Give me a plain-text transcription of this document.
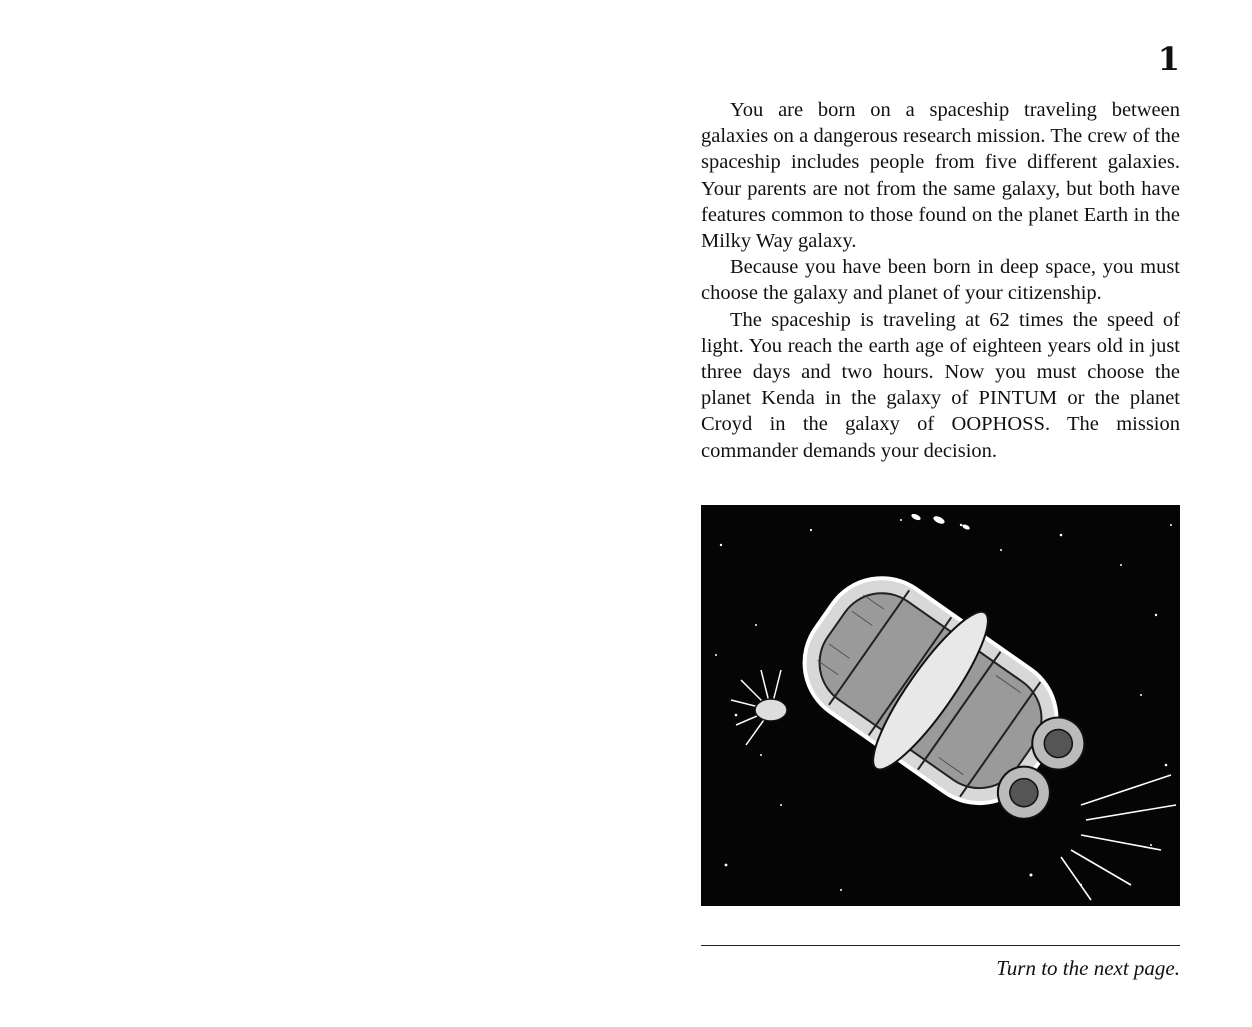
1

You are born on a spaceship traveling between galaxies on a dangerous research mission. The crew of the spaceship includes people from five different galaxies. Your parents are not from the same galaxy, but both have features common to those found on the planet Earth in the Milky Way galaxy.

Because you have been born in deep space, you must choose the galaxy and planet of your citizenship.

The spaceship is traveling at 62 times the speed of light. You reach the earth age of eighteen years old in just three days and two hours. Now you must choose the planet Kenda in the galaxy of PINTUM or the planet Croyd in the galaxy of OOPHOSS. The mission commander demands your decision.

Turn to the next page.
